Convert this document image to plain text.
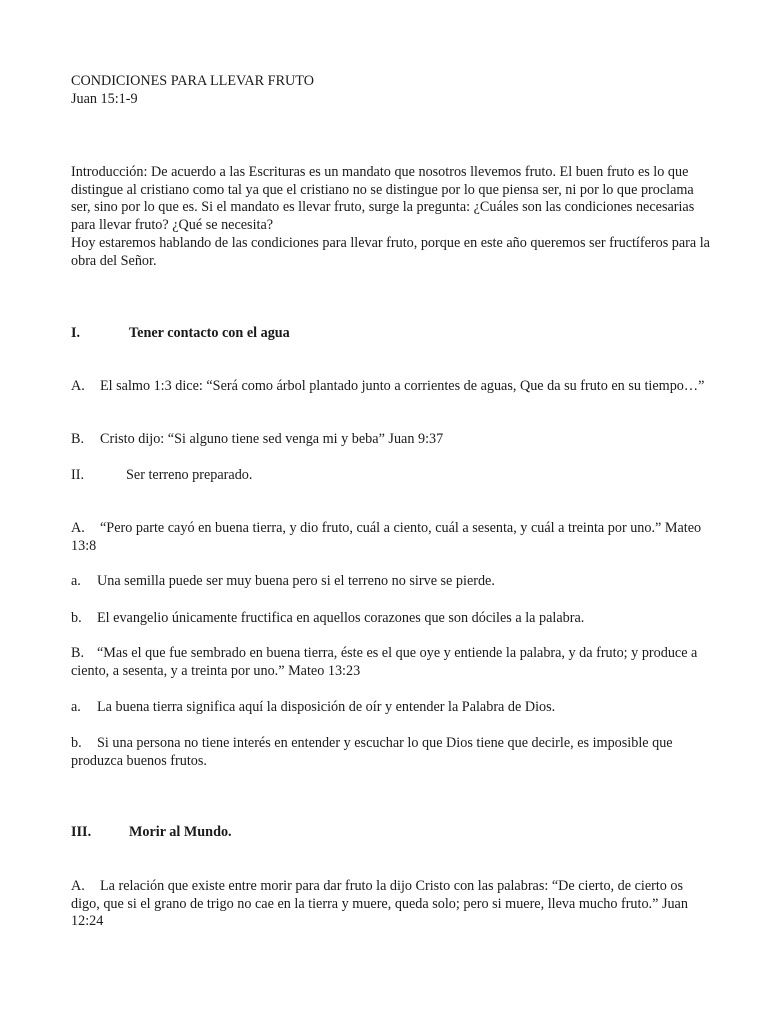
CONDICIONES PARA LLEVAR FRUTO

Juan 15:1-9

Introducción: De acuerdo a las Escrituras es un mandato que nosotros llevemos fruto. El buen fruto es lo que distingue al cristiano como tal ya que el cristiano no se distingue por lo que piensa ser, ni por lo que proclama ser, sino por lo que es. Si el mandato es llevar fruto, surge la pregunta: ¿Cuáles son las condiciones necesarias para llevar fruto? ¿Qué se necesita?

Hoy estaremos hablando de las condiciones para llevar fruto, porque en este año queremos ser fructíferos para la obra del Señor.

I.	Tener contacto con el agua

A. El salmo 1:3 dice: “Será como árbol plantado junto a corrientes de aguas, Que da su fruto en su tiempo…”

B. Cristo dijo: “Si alguno tiene sed venga mi y beba” Juan 9:37

II.	Ser terreno preparado.

A. “Pero parte cayó en buena tierra, y dio fruto, cuál a ciento, cuál a sesenta, y cuál a treinta por uno.” Mateo 13:8

a. Una semilla puede ser muy buena pero si el terreno no sirve se pierde.

b. El evangelio únicamente fructifica en aquellos corazones que son dóciles a la palabra.

B. “Mas el que fue sembrado en buena tierra, éste es el que oye y entiende la palabra, y da fruto; y produce a ciento, a sesenta, y a treinta por uno.” Mateo 13:23

a. La buena tierra significa aquí la disposición de oír y entender la Palabra de Dios.

b. Si una persona no tiene interés en entender y escuchar lo que Dios tiene que decirle, es imposible que produzca buenos frutos.

III.	Morir al Mundo.

A. La relación que existe entre morir para dar fruto la dijo Cristo con las palabras: “De cierto, de cierto os digo, que si el grano de trigo no cae en la tierra y muere, queda solo; pero si muere, lleva mucho fruto.” Juan 12:24
